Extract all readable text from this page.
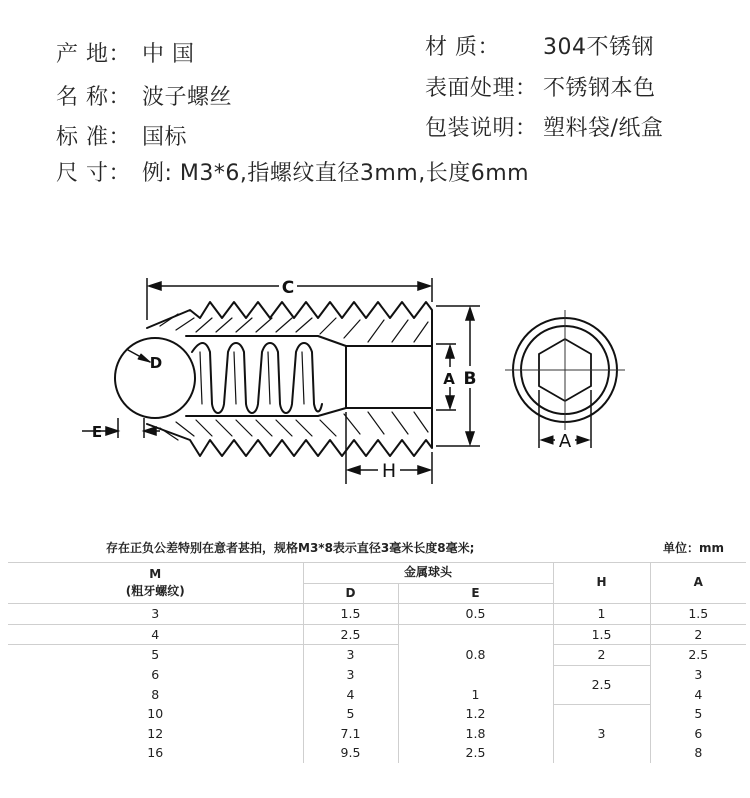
产 地： 中 国
名 称： 波子螺丝
标 准： 国标
尺 寸： 例: M3*6,指螺纹直径3mm,长度6mm
材 质： 304不锈钢
表面处理： 不锈钢本色
包装说明： 塑料袋/纸盒
C
D
A B
E
H
A
存在正负公差特别在意者甚拍，规格M3*8表示直径3毫米长度8毫米;				单位：mm

M
(粗牙螺纹)	金属球头		H	A
	D	E		
3	1.5	0.5	1	1.5
4	2.5	0.8	1.5	2
5	3		2	2.5
6	3		2.5	3
8	4	1		4
10	5	1.2	3	5
12	7.1	1.8		6
16	9.5	2.5		8
